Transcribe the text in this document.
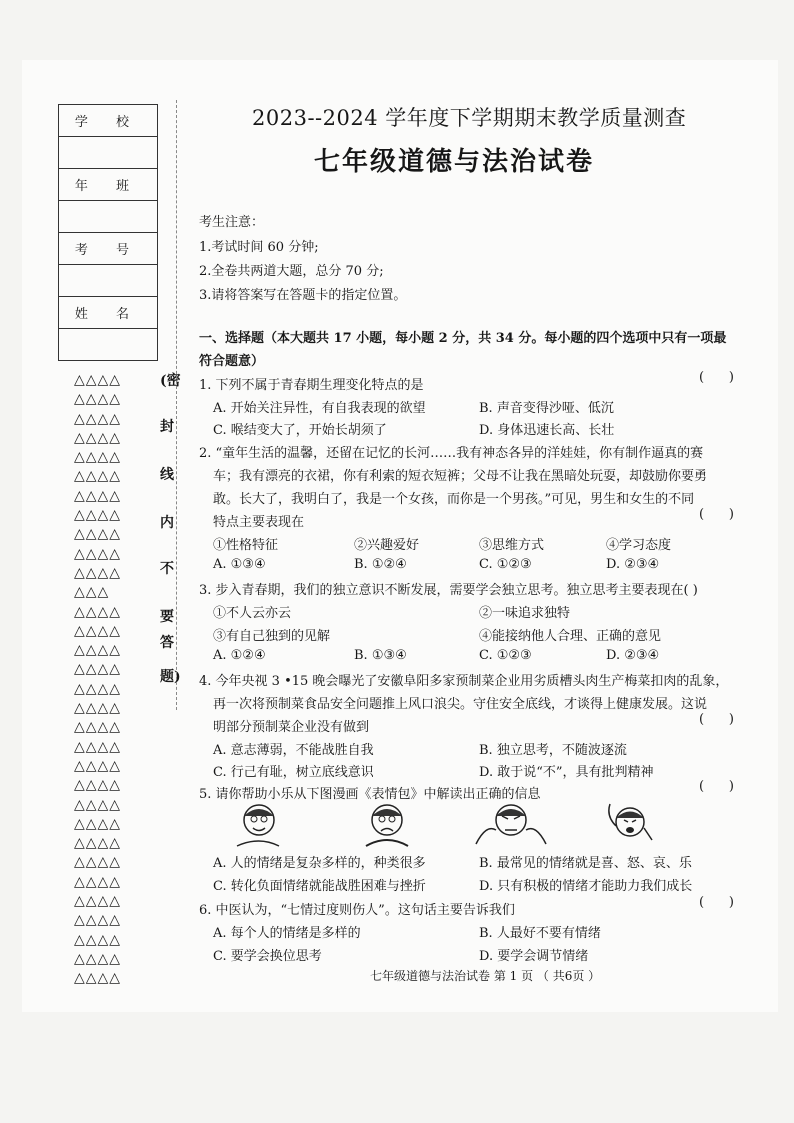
学 校

年 班

考 号

姓 名

△△△△
△△△△
△△△△
△△△△
△△△△
△△△△
△△△△
△△△△
△△△△
△△△△
△△△△
△△△
△△△△
△△△△
△△△△
△△△△
△△△△
△△△△
△△△△
△△△△
△△△△
△△△△
△△△△
△△△△
△△△△
△△△△
△△△△
△△△△
△△△△
△△△△
△△△△
△△△△
(密
封
线
内
不
要
答
题)
2023--2024 学年度下学期期末教学质量测查
七年级道德与法治试卷
考生注意：
1.考试时间 60 分钟;
2.全卷共两道大题，总分 70 分;
3.请将答案写在答题卡的指定位置。
一、选择题（本大题共 17 小题，每小题 2 分，共 34 分。每小题的四个选项中只有一项最
符合题意）
1. 下列不属于青春期生理变化特点的是
(      )
A. 开始关注异性，有自我表现的欲望	B. 声音变得沙哑、低沉
C. 喉结变大了，开始长胡须了	D. 身体迅速长高、长壮
2. “童年生活的温馨，还留在记忆的长河……我有神态各异的洋娃娃，你有制作逼真的赛
车；我有漂亮的衣裙，你有利索的短衣短裤；父母不让我在黑暗处玩耍，却鼓励你要勇
敢。长大了，我明白了，我是一个女孩，而你是一个男孩。”可见，男生和女生的不同
特点主要表现在
(      )
①性格特征	②兴趣爱好	③思维方式	④学习态度
A. ①③④	B. ①②④	C. ①②③	D. ②③④
3. 步入青春期，我们的独立意识不断发展，需要学会独立思考。独立思考主要表现在( )
①不人云亦云	②一味追求独特
③有自己独到的见解	④能接纳他人合理、正确的意见
A. ①②④	B. ①③④	C. ①②③	D. ②③④
4. 今年央视 3 •15 晚会曝光了安徽阜阳多家预制菜企业用劣质槽头肉生产梅菜扣肉的乱象，
再一次将预制菜食品安全问题推上风口浪尖。守住安全底线，才谈得上健康发展。这说
明部分预制菜企业没有做到
(      )
A. 意志薄弱，不能战胜自我	B. 独立思考，不随波逐流
C. 行己有耻，树立底线意识	D. 敢于说“不”，具有批判精神
5. 请你帮助小乐从下图漫画《表情包》中解读出正确的信息
(      )
A. 人的情绪是复杂多样的，种类很多	B. 最常见的情绪就是喜、怒、哀、乐
C. 转化负面情绪就能战胜困难与挫折	D. 只有积极的情绪才能助力我们成长
6. 中医认为，“七情过度则伤人”。这句话主要告诉我们
(      )
A. 每个人的情绪是多样的	B. 人最好不要有情绪
C. 要学会换位思考	D. 要学会调节情绪
七年级道德与法治试卷 第 1 页 （ 共6页 ）
